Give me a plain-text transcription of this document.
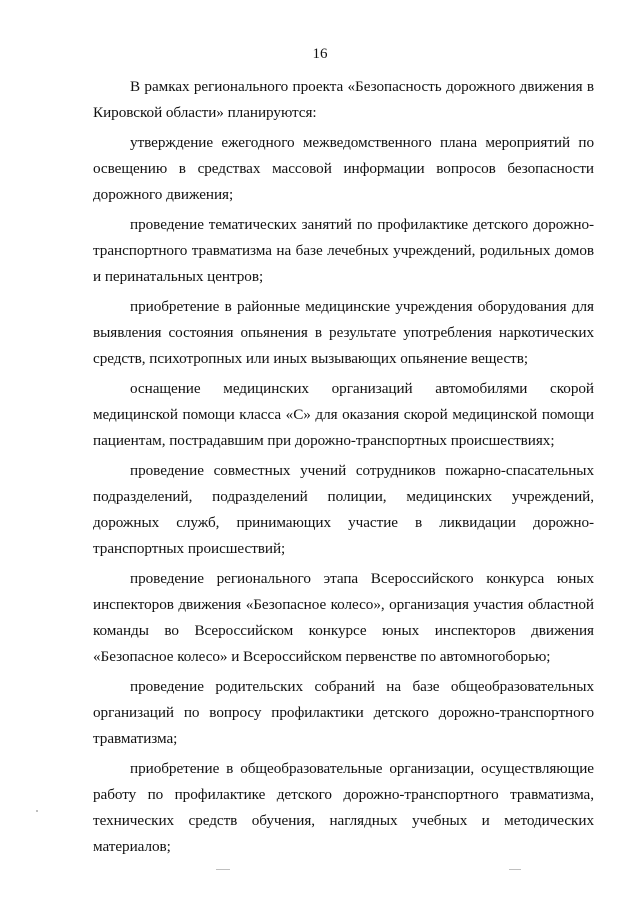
16

В рамках регионального проекта «Безопасность дорожного движения в Кировской области» планируются:

утверждение ежегодного межведомственного плана мероприятий по освещению в средствах массовой информации вопросов безопасности дорожного движения;

проведение тематических занятий по профилактике детского дорожно-транспортного травматизма на базе лечебных учреждений, родильных домов и перинатальных центров;

приобретение в районные медицинские учреждения оборудования для выявления состояния опьянения в результате употребления наркотических средств, психотропных или иных вызывающих опьянение веществ;

оснащение медицинских организаций автомобилями скорой медицинской помощи класса «С» для оказания скорой медицинской помощи пациентам, пострадавшим при дорожно-транспортных происшествиях;

проведение совместных учений сотрудников пожарно-спасательных подразделений, подразделений полиции, медицинских учреждений, дорожных служб, принимающих участие в ликвидации дорожно-транспортных происшествий;

проведение регионального этапа Всероссийского конкурса юных инспекторов движения «Безопасное колесо», организация участия областной команды во Всероссийском конкурсе юных инспекторов движения «Безопасное колесо» и Всероссийском первенстве по автомногоборью;

проведение родительских собраний на базе общеобразовательных организаций по вопросу профилактики детского дорожно-транспортного травматизма;

приобретение в общеобразовательные организации, осуществляющие работу по профилактике детского дорожно-транспортного травматизма, технических средств обучения, наглядных учебных и методических материалов;
